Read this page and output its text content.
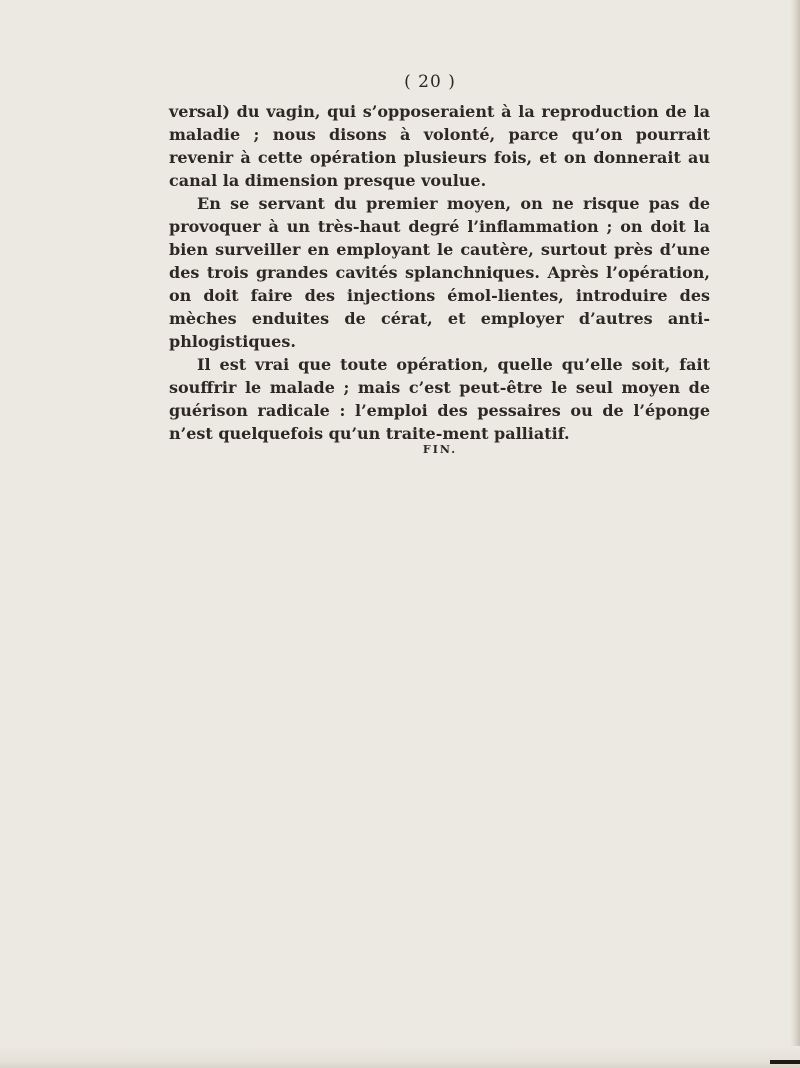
( 20 )

versal) du vagin, qui s’opposeraient à la reproduction de la maladie ; nous disons à volonté, parce qu’on pourrait revenir à cette opération plusieurs fois, et on donnerait au canal la dimension presque voulue.

En se servant du premier moyen, on ne risque pas de provoquer à un très-haut degré l’inflammation ; on doit la bien surveiller en employant le cautère, surtout près d’une des trois grandes cavités splanchniques. Après l’opération, on doit faire des injections émol-lientes, introduire des mèches enduites de cérat, et employer d’autres anti-phlogistiques.

Il est vrai que toute opération, quelle qu’elle soit, fait souffrir le malade ; mais c’est peut-être le seul moyen de guérison radicale : l’emploi des pessaires ou de l’éponge n’est quelquefois qu’un traite-ment palliatif.

FIN.
